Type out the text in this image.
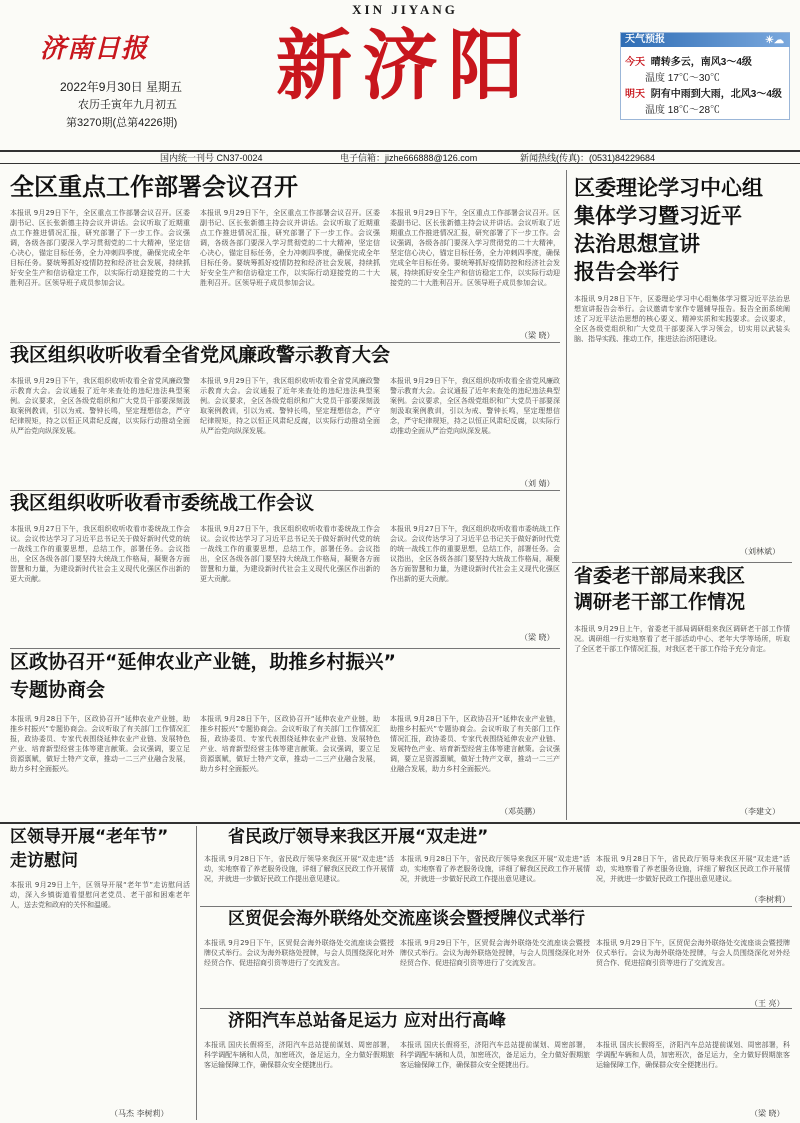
济南日报
XIN JIYANG
新济阳
2022年9月30日 星期五
农历壬寅年九月初五
第3270期(总第4226期)
天气预报	☀☁
今天 晴转多云，南风3～4级
温度 17℃～30℃
明天 阴有中雨到大雨，北风3～4级
温度 18℃～28℃
国内统一刊号 CN37-0024	电子信箱：jizhe666888@126.com	新闻热线(传真)：(0531)84229684
全区重点工作部署会议召开
本报讯 9月29日下午，全区重点工作部署会议召开。区委副书记、区长张新德主持会议并讲话。会议听取了近期重点工作推进情况汇报，研究部署了下一步工作。会议强调，各级各部门要深入学习贯彻党的二十大精神，坚定信心决心，锚定目标任务，全力冲刺四季度，确保完成全年目标任务。要统筹抓好疫情防控和经济社会发展，持续抓好安全生产和信访稳定工作，以实际行动迎接党的二十大胜利召开。区领导班子成员参加会议。
本报讯 9月29日下午，全区重点工作部署会议召开。区委副书记、区长张新德主持会议并讲话。会议听取了近期重点工作推进情况汇报，研究部署了下一步工作。会议强调，各级各部门要深入学习贯彻党的二十大精神，坚定信心决心，锚定目标任务，全力冲刺四季度，确保完成全年目标任务。要统筹抓好疫情防控和经济社会发展，持续抓好安全生产和信访稳定工作，以实际行动迎接党的二十大胜利召开。区领导班子成员参加会议。
本报讯 9月29日下午，全区重点工作部署会议召开。区委副书记、区长张新德主持会议并讲话。会议听取了近期重点工作推进情况汇报，研究部署了下一步工作。会议强调，各级各部门要深入学习贯彻党的二十大精神，坚定信心决心，锚定目标任务，全力冲刺四季度，确保完成全年目标任务。要统筹抓好疫情防控和经济社会发展，持续抓好安全生产和信访稳定工作，以实际行动迎接党的二十大胜利召开。区领导班子成员参加会议。
（梁 晓）
我区组织收听收看全省党风廉政警示教育大会
本报讯 9月29日下午，我区组织收听收看全省党风廉政警示教育大会。会议通报了近年来查处的违纪违法典型案例。会议要求，全区各级党组织和广大党员干部要深刻汲取案例教训，引以为戒、警钟长鸣，坚定理想信念，严守纪律规矩，持之以恒正风肃纪反腐，以实际行动推动全面从严治党向纵深发展。
本报讯 9月29日下午，我区组织收听收看全省党风廉政警示教育大会。会议通报了近年来查处的违纪违法典型案例。会议要求，全区各级党组织和广大党员干部要深刻汲取案例教训，引以为戒、警钟长鸣，坚定理想信念，严守纪律规矩，持之以恒正风肃纪反腐，以实际行动推动全面从严治党向纵深发展。
本报讯 9月29日下午，我区组织收听收看全省党风廉政警示教育大会。会议通报了近年来查处的违纪违法典型案例。会议要求，全区各级党组织和广大党员干部要深刻汲取案例教训，引以为戒、警钟长鸣，坚定理想信念，严守纪律规矩，持之以恒正风肃纪反腐，以实际行动推动全面从严治党向纵深发展。
（刘 婧）
我区组织收听收看市委统战工作会议
本报讯 9月27日下午，我区组织收听收看市委统战工作会议。会议传达学习了习近平总书记关于做好新时代党的统一战线工作的重要思想，总结工作，部署任务。会议指出，全区各级各部门要坚持大统战工作格局，凝聚各方面智慧和力量，为建设新时代社会主义现代化强区作出新的更大贡献。
本报讯 9月27日下午，我区组织收听收看市委统战工作会议。会议传达学习了习近平总书记关于做好新时代党的统一战线工作的重要思想，总结工作，部署任务。会议指出，全区各级各部门要坚持大统战工作格局，凝聚各方面智慧和力量，为建设新时代社会主义现代化强区作出新的更大贡献。
本报讯 9月27日下午，我区组织收听收看市委统战工作会议。会议传达学习了习近平总书记关于做好新时代党的统一战线工作的重要思想，总结工作，部署任务。会议指出，全区各级各部门要坚持大统战工作格局，凝聚各方面智慧和力量，为建设新时代社会主义现代化强区作出新的更大贡献。
（梁 晓）
区政协召开“延伸农业产业链，助推乡村振兴”
专题协商会
本报讯 9月28日下午，区政协召开“延伸农业产业链，助推乡村振兴”专题协商会。会议听取了有关部门工作情况汇报，政协委员、专家代表围绕延伸农业产业链、发展特色产业、培育新型经营主体等建言献策。会议强调，要立足资源禀赋，做好土特产文章，推动一二三产业融合发展，助力乡村全面振兴。
本报讯 9月28日下午，区政协召开“延伸农业产业链，助推乡村振兴”专题协商会。会议听取了有关部门工作情况汇报，政协委员、专家代表围绕延伸农业产业链、发展特色产业、培育新型经营主体等建言献策。会议强调，要立足资源禀赋，做好土特产文章，推动一二三产业融合发展，助力乡村全面振兴。
本报讯 9月28日下午，区政协召开“延伸农业产业链，助推乡村振兴”专题协商会。会议听取了有关部门工作情况汇报，政协委员、专家代表围绕延伸农业产业链、发展特色产业、培育新型经营主体等建言献策。会议强调，要立足资源禀赋，做好土特产文章，推动一二三产业融合发展，助力乡村全面振兴。
（邓英鹏）
区委理论学习中心组
集体学习暨习近平
法治思想宣讲
报告会举行
本报讯 9月28日下午，区委理论学习中心组集体学习暨习近平法治思想宣讲报告会举行。会议邀请专家作专题辅导报告。报告全面系统阐述了习近平法治思想的核心要义、精神实质和实践要求。会议要求，全区各级党组织和广大党员干部要深入学习领会，切实用以武装头脑、指导实践、推动工作，推进法治济阳建设。
（刘林斌）
省委老干部局来我区
调研老干部工作情况
本报讯 9月29日上午，省委老干部局调研组来我区调研老干部工作情况。调研组一行实地察看了老干部活动中心、老年大学等场所，听取了全区老干部工作情况汇报，对我区老干部工作给予充分肯定。
（李建文）
区领导开展“老年节”
走访慰问
本报讯 9月29日上午，区领导开展“老年节”走访慰问活动，深入乡镇街道看望慰问老党员、老干部和困难老年人，送去党和政府的关怀和温暖。
（马杰 李树莉）
省民政厅领导来我区开展“双走进”
本报讯 9月28日下午，省民政厅领导来我区开展“双走进”活动，实地察看了养老服务设施，详细了解我区民政工作开展情况，并就进一步做好民政工作提出意见建议。
本报讯 9月28日下午，省民政厅领导来我区开展“双走进”活动，实地察看了养老服务设施，详细了解我区民政工作开展情况，并就进一步做好民政工作提出意见建议。
本报讯 9月28日下午，省民政厅领导来我区开展“双走进”活动，实地察看了养老服务设施，详细了解我区民政工作开展情况，并就进一步做好民政工作提出意见建议。
（李树莉）
区贸促会海外联络处交流座谈会暨授牌仪式举行
本报讯 9月29日下午，区贸促会海外联络处交流座谈会暨授牌仪式举行。会议为海外联络处授牌，与会人员围绕深化对外经贸合作、促进招商引资等进行了交流发言。
本报讯 9月29日下午，区贸促会海外联络处交流座谈会暨授牌仪式举行。会议为海外联络处授牌，与会人员围绕深化对外经贸合作、促进招商引资等进行了交流发言。
本报讯 9月29日下午，区贸促会海外联络处交流座谈会暨授牌仪式举行。会议为海外联络处授牌，与会人员围绕深化对外经贸合作、促进招商引资等进行了交流发言。
（王 亮）
济阳汽车总站备足运力 应对出行高峰
本报讯 国庆长假将至，济阳汽车总站提前谋划、周密部署，科学调配车辆和人员，加密班次，备足运力，全力做好假期旅客运输保障工作，确保群众安全便捷出行。
本报讯 国庆长假将至，济阳汽车总站提前谋划、周密部署，科学调配车辆和人员，加密班次，备足运力，全力做好假期旅客运输保障工作，确保群众安全便捷出行。
本报讯 国庆长假将至，济阳汽车总站提前谋划、周密部署，科学调配车辆和人员，加密班次，备足运力，全力做好假期旅客运输保障工作，确保群众安全便捷出行。
（梁 晓）
